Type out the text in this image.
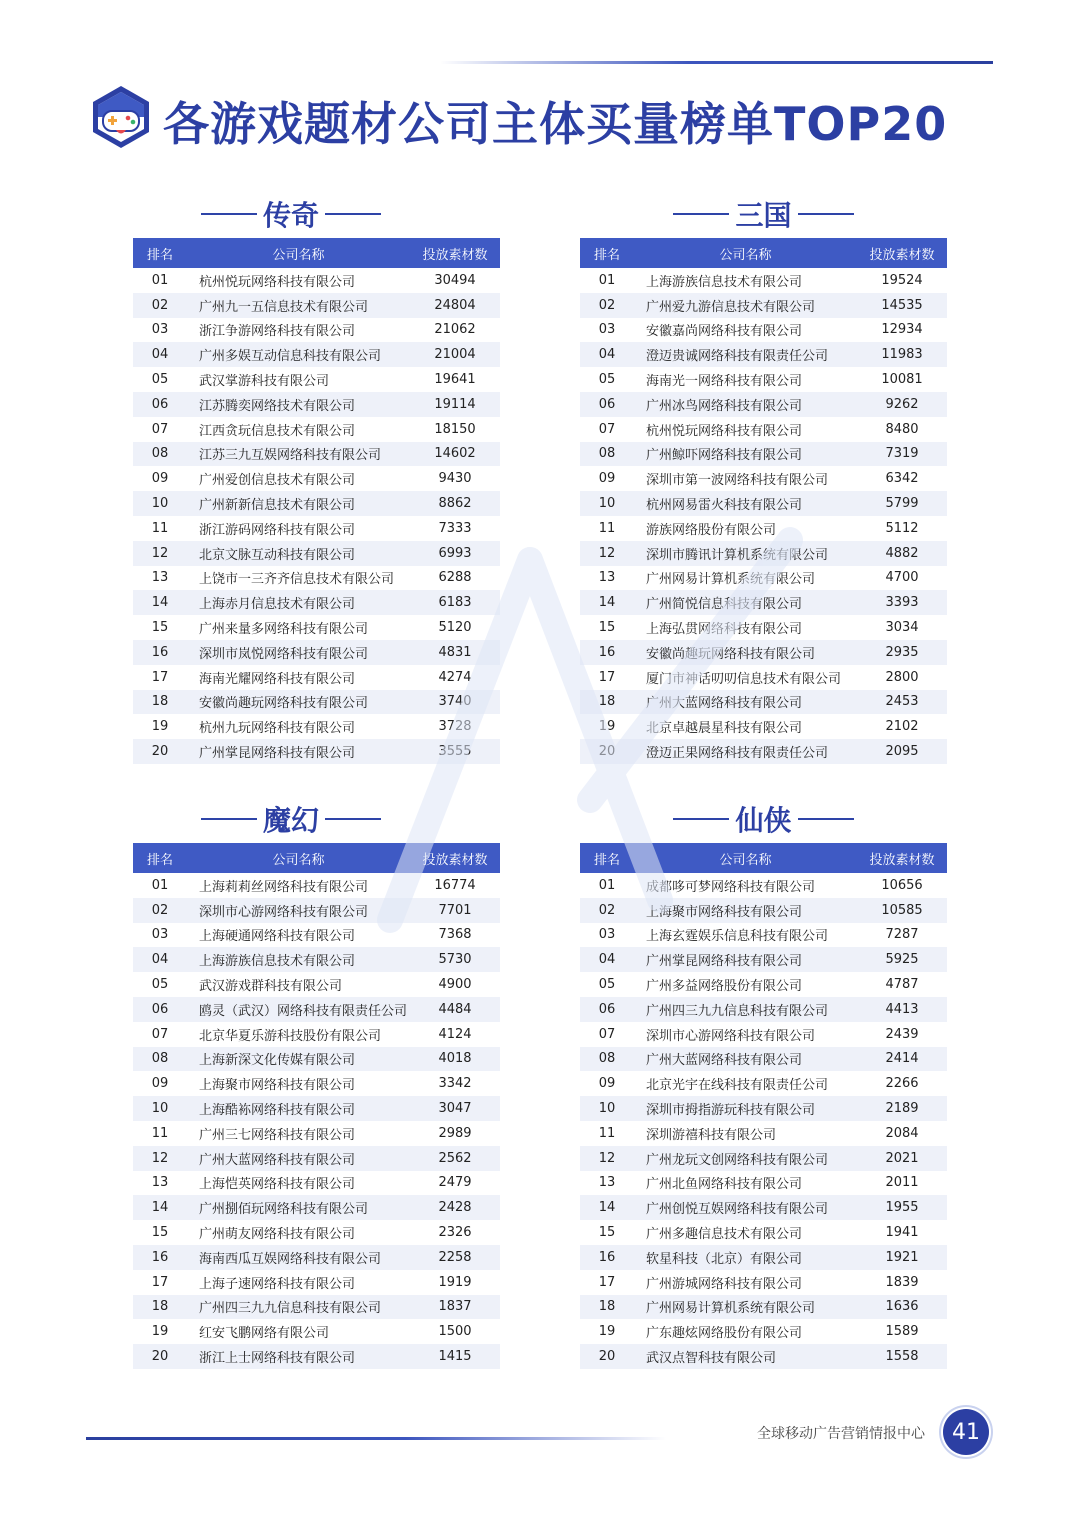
各游戏题材公司主体买量榜单TOP20
传奇
排名	公司名称	投放素材数
01	杭州悦玩网络科技有限公司	30494
02	广州九一五信息技术有限公司	24804
03	浙江争游网络科技有限公司	21062
04	广州多娱互动信息科技有限公司	21004
05	武汉掌游科技有限公司	19641
06	江苏腾奕网络技术有限公司	19114
07	江西贪玩信息技术有限公司	18150
08	江苏三九互娱网络科技有限公司	14602
09	广州爱创信息技术有限公司	9430
10	广州新新信息技术有限公司	8862
11	浙江游码网络科技有限公司	7333
12	北京文脉互动科技有限公司	6993
13	上饶市一三齐齐信息技术有限公司	6288
14	上海赤月信息技术有限公司	6183
15	广州来量多网络科技有限公司	5120
16	深圳市岚悦网络科技有限公司	4831
17	海南光耀网络科技有限公司	4274
18	安徽尚趣玩网络科技有限公司	3740
19	杭州九玩网络科技有限公司	3728
20	广州掌昆网络科技有限公司	3555
三国
排名	公司名称	投放素材数
01	上海游族信息技术有限公司	19524
02	广州爱九游信息技术有限公司	14535
03	安徽嘉尚网络科技有限公司	12934
04	澄迈贵诚网络科技有限责任公司	11983
05	海南光一网络科技有限公司	10081
06	广州冰鸟网络科技有限公司	9262
07	杭州悦玩网络科技有限公司	8480
08	广州鲸吓网络科技有限公司	7319
09	深圳市第一波网络科技有限公司	6342
10	杭州网易雷火科技有限公司	5799
11	游族网络股份有限公司	5112
12	深圳市腾讯计算机系统有限公司	4882
13	广州网易计算机系统有限公司	4700
14	广州简悦信息科技有限公司	3393
15	上海弘贯网络科技有限公司	3034
16	安徽尚趣玩网络科技有限公司	2935
17	厦门市神话叨叨信息技术有限公司	2800
18	广州大蓝网络科技有限公司	2453
19	北京卓越晨星科技有限公司	2102
20	澄迈正果网络科技有限责任公司	2095
魔幻
排名	公司名称	投放素材数
01	上海莉莉丝网络科技有限公司	16774
02	深圳市心游网络科技有限公司	7701
03	上海硬通网络科技有限公司	7368
04	上海游族信息技术有限公司	5730
05	武汉游戏群科技有限公司	4900
06	鸥灵（武汉）网络科技有限责任公司	4484
07	北京华夏乐游科技股份有限公司	4124
08	上海新深文化传媒有限公司	4018
09	上海聚市网络科技有限公司	3342
10	上海酷袮网络科技有限公司	3047
11	广州三七网络科技有限公司	2989
12	广州大蓝网络科技有限公司	2562
13	上海恺英网络科技有限公司	2479
14	广州捌佰玩网络科技有限公司	2428
15	广州萌友网络科技有限公司	2326
16	海南西瓜互娱网络科技有限公司	2258
17	上海子速网络科技有限公司	1919
18	广州四三九九信息科技有限公司	1837
19	红安飞鹏网络有限公司	1500
20	浙江上士网络科技有限公司	1415
仙侠
排名	公司名称	投放素材数
01	成都哆可梦网络科技有限公司	10656
02	上海聚市网络科技有限公司	10585
03	上海玄霆娱乐信息科技有限公司	7287
04	广州掌昆网络科技有限公司	5925
05	广州多益网络股份有限公司	4787
06	广州四三九九信息科技有限公司	4413
07	深圳市心游网络科技有限公司	2439
08	广州大蓝网络科技有限公司	2414
09	北京光宇在线科技有限责任公司	2266
10	深圳市拇指游玩科技有限公司	2189
11	深圳游禧科技有限公司	2084
12	广州龙玩文创网络科技有限公司	2021
13	广州北鱼网络科技有限公司	2011
14	广州创悦互娱网络科技有限公司	1955
15	广州多趣信息技术有限公司	1941
16	软星科技（北京）有限公司	1921
17	广州游城网络科技有限公司	1839
18	广州网易计算机系统有限公司	1636
19	广东趣炫网络股份有限公司	1589
20	武汉点智科技有限公司	1558
全球移动广告营销情报中心	41
